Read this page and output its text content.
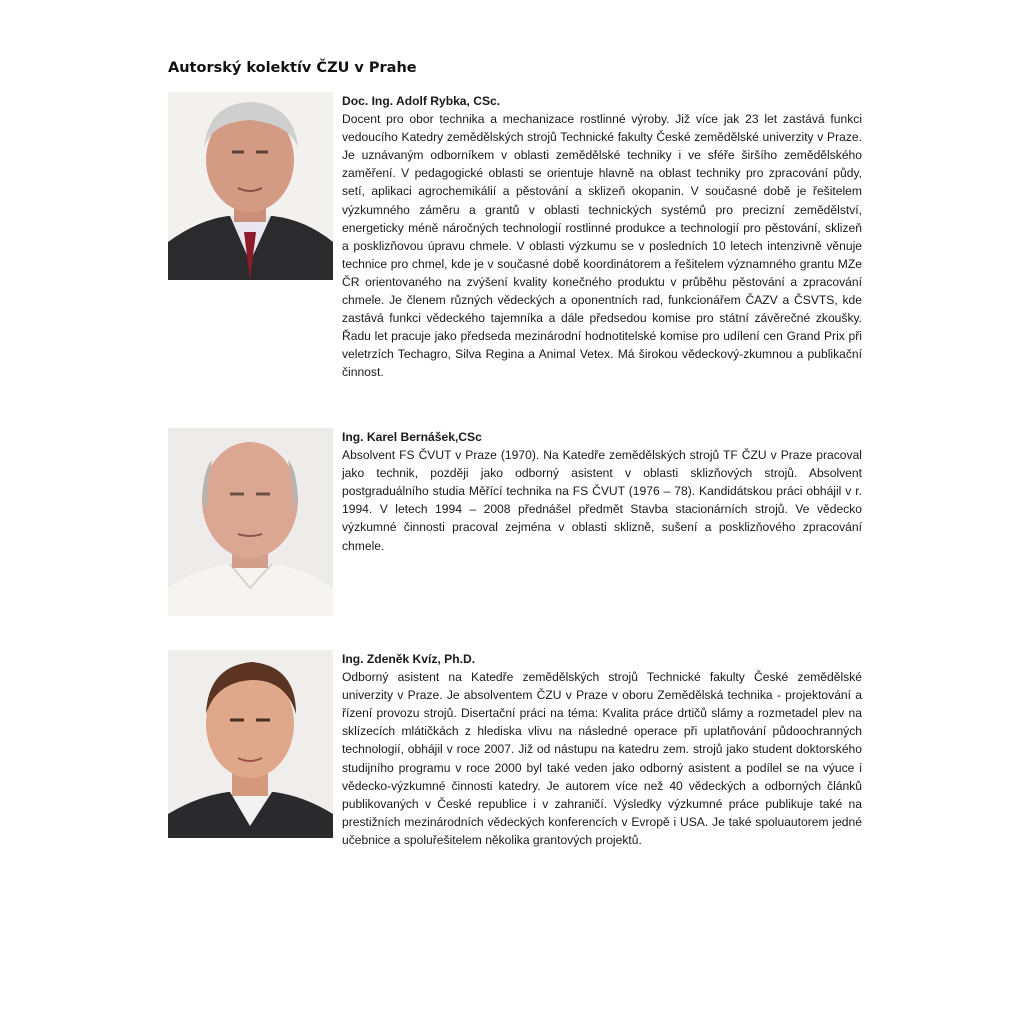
Autorský kolektív ČZU v Prahe

Doc. Ing. Adolf Rybka, CSc.

Docent pro obor technika a mechanizace rostlinné výroby. Již více jak 23 let zastává funkci vedoucího Katedry zemědělských strojů Technické fakulty České zemědělské univerzity v Praze. Je uznávaným odborníkem v oblasti zemědělské techniky i ve sféře širšího zemědělského zaměření. V pedagogické oblasti se orientuje hlavně na oblast techniky pro zpracování půdy, setí, aplikaci agrochemikálií a pěstování a sklizeň okopanin. V současné době je řešitelem výzkumného záměru a grantů v oblasti technických systémů pro precizní zemědělství, energeticky méně náročných technologií rostlinné produkce a technologií pro pěstování, sklizeň a posklizňovou úpravu chmele. V oblasti výzkumu se v posledních 10 letech intenzivně věnuje technice pro chmel, kde je v současné době koordinátorem a řešitelem významného grantu MZe ČR orientovaného na zvýšení kvality konečného produktu v průběhu pěstování a zpracování chmele. Je členem různých vědeckých a oponentních rad, funkcionářem ČAZV a ČSVTS, kde zastává funkci vědeckého tajemníka a dále předsedou komise pro státní závěrečné zkoušky. Řadu let pracuje jako předseda mezinárodní hodnotitelské komise pro udílení cen Grand Prix při veletrzích Techagro, Silva Regina a Animal Vetex. Má širokou vědeckový-zkumnou a publikační činnost.

Ing. Karel Bernášek,CSc

Absolvent FS ČVUT v Praze (1970). Na Katedře zemědělských strojů TF ČZU v Praze pracoval jako technik, později jako odborný asistent v oblasti sklizňových strojů. Absolvent postgraduálního studia Měřící technika na FS ČVUT (1976 – 78). Kandidátskou práci obhájil v r. 1994. V letech 1994 – 2008 přednášel předmět Stavba stacionárních strojů. Ve vědecko výzkumné činnosti pracoval zejména v oblasti sklizně, sušení a posklizňového zpracování chmele.

Ing. Zdeněk Kvíz, Ph.D.

Odborný asistent na Katedře zemědělských strojů Technické fakulty České zemědělské univerzity v Praze. Je absolventem ČZU v Praze v oboru Zemědělská technika - projektování a řízení provozu strojů. Disertační práci na téma: Kvalita práce drtičů slámy a rozmetadel plev na sklízecích mlátičkách z hlediska vlivu na následné operace při uplatňování půdoochranných technologií, obhájil v roce 2007. Již od nástupu na katedru zem. strojů jako student doktorského studijního programu v roce 2000 byl také veden jako odborný asistent a podílel se na výuce i vědecko-výzkumné činnosti katedry. Je autorem více než 40 vědeckých a odborných článků publikovaných v České republice i v zahraničí. Výsledky výzkumné práce publikuje také na prestižních mezinárodních vědeckých konferencích v Evropě i USA. Je také spoluautorem jedné učebnice a spoluřešitelem několika grantových projektů.
